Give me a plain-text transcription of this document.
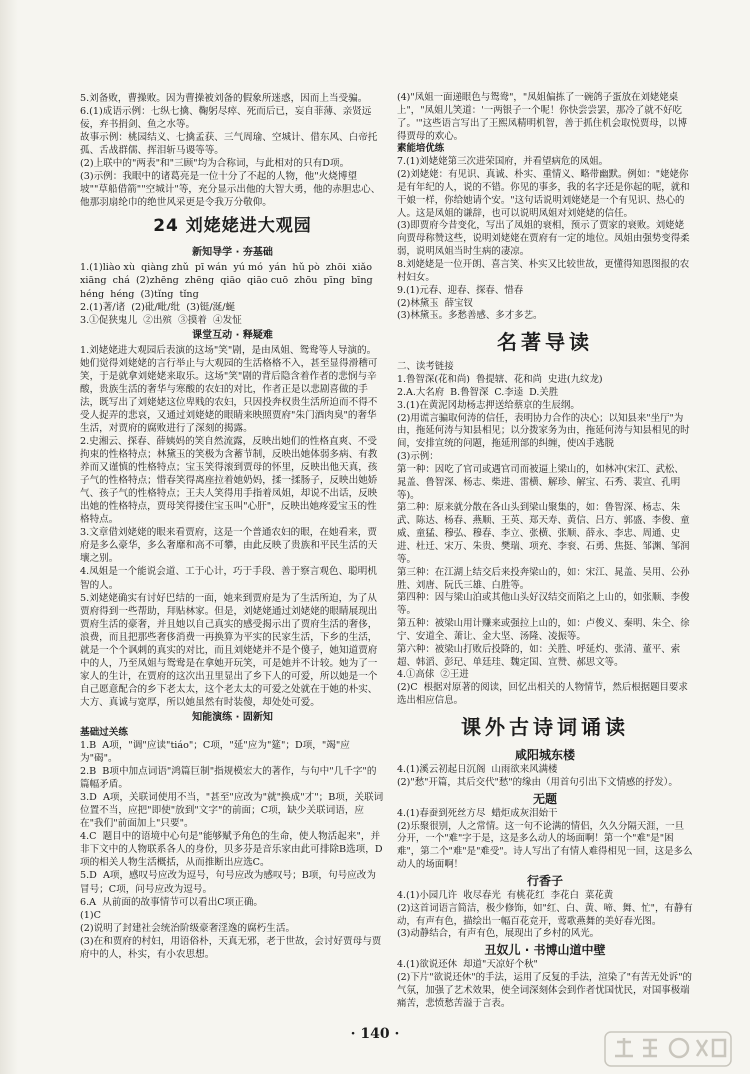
5.刘备败，曹操败。因为曹操被刘备的假象所迷惑，因而上当受骗。
6.(1)成语示例：七纵七擒、鞠躬尽瘁、死而后已，妄自菲薄、亲贤远佞，弃书捐剑、鱼之水等。
故事示例：桃园结义、七擒孟获、三气周瑜、空城计、借东风、白帝托孤、舌战群儒、挥泪斩马谡等等。
(2)上联中的"两表"和"三顾"均为合称词，与此相对的只有D项。
(3)示例：我眼中的诸葛亮是一位十分了不起的人物，他"火烧博望坡""草船借箭""空城计"等，充分显示出他的大智大勇，他的赤胆忠心、他那羽扇纶巾的绝世风采更是令我万分敬仰。
24 刘姥姥进大观园
新知导学 · 夯基础
1.(1)liào xù  qiàng zhǔ  pī wán  yú mó  yán  hǔ pò  zhōi  xiǎo xiāng  chá  (2)zhēng  zhēng  qiāo  qiāo cuō  zhōu  pīng  bīng  héng  héng  (3)tǐng  tǐng
2.(1)著/诸  (2)砒/毗/纰  (3)铤/涎/蜒
3.①促狭鬼儿  ②出殡  ③摸着  ④发怔
课堂互动 · 释疑难
1.刘姥姥进大观园后表演的这场"笑"剧，是由凤姐、鸳鸯等人导演的。她们觉得刘姥姥的言行举止与大观园的生活格格不入，甚至显得滑稽可笑，于是就拿刘姥姥来取乐。这场"笑"剧的背后隐含着作者的悲悯与辛酸，贵族生活的奢华与寒酸的农妇的对比，作者正是以悲剧喜做的手法，既写出了刘姥姥这位卑贱的农妇，只因投奔权贵生活所迫而不得不受人捉弄的悲哀，又通过刘姥姥的眼睛来映照贾府"朱门酒肉臭"的奢华生活，对贾府的腐败进行了深刻的揭露。
2.史湘云、探春、薛姨妈的笑自然流露，反映出她们的性格直爽、不受拘束的性格特点；林黛玉的笑极为含蓄节制，反映出她体弱多病、有教养而又谨慎的性格特点；宝玉笑得滚到贾母的怀里，反映出他天真，孩子气的性格特点；惜春笑得离座拉着她奶妈，揉一揉肠子，反映出她娇气、孩子气的性格特点；王夫人笑得用手指着凤姐，却说不出话，反映出她的性格特点，贾母笑得搂住宝玉叫"心肝"，反映出她疼爱宝玉的性格特点。
3.文章借刘姥姥的眼来看贾府，这是一个普通农妇的眼，在她看来，贾府是多么豪华，多么奢靡和高不可攀，由此反映了贵族和平民生活的天壤之别。
4.凤姐是一个能说会道、工于心计，巧于手段、善于察言观色、聪明机智的人。
5.刘姥姥确实有讨好巴结的一面，她来到贾府是为了生活所迫，为了从贾府得到一些帮助，拜贴林家。但是，刘姥姥通过刘姥姥的眼睛展现出贾府生活的豪奢，并且她以自己真实的感受揭示出了贾府生活的奢侈，浪费，而且把那些奢侈消费一再换算为平实的民家生活，下乡的生活，就是一个个讽刺的真实的对比，而且刘姥姥并不是个傻子，她知道贾府中的人，乃至凤姐与鸳鸯是在拿她开玩笑，可是她并不计较。她为了一家人的生计，在贾府的这次出丑里显出了乡下人的可爱，所以她是一个自己愿意配合的乡下老太太，这个老太太的可爱之处就在于她的朴实、大方、真诚与宽厚，所以她虽然有时装傻，却处处可爱。
知能演练 · 固新知
基础过关练
1.B  A项，"调"应读"tiáo"；C项，"延"应为"筵"；D项，"竭"应为"碣"。
2.B  B项中加点词语"鸿篇巨制"指规模宏大的著作，与句中"几千字"的篇幅矛盾。
3.D  A项，关联词使用不当，"甚至"应改为"就"换成"才"；B项，关联词位置不当，应把"即使"放到"文字"的前面；C项，缺少关联词语，应在"我们"前面加上"只要"。
4.C  题目中的语境中心句是"能够赋予角色的生命，使人物活起来"，并非下文中的人物联系各人的身份，贝多芬是音乐家由此可排除B选项，D项的相关人物生活概括，从而推断出应选C。
5.D  A项，感叹号应改为逗号，句号应改为感叹号；B项，句号应改为冒号；C项，问号应改为逗号。
6.A  从前面的故事情节可以看出C项正确。
(1)C
(2)说明了封建社会统治阶级豪奢淫逸的腐朽生活。
(3)在和贾府的村妇，用语俗朴，天真无邪，老于世故，会讨好贾母与贾府中的人，朴实，有小农思想。
(4)"凤姐一面递眼色与鸳鸯"，"凤姐偏拣了一碗鸽子蛋放在刘姥姥桌上"，"凤姐儿笑道：'一两银子一个呢！你快尝尝罢，那冷了就不好吃了。'"这些语言写出了王熙凤精明机智，善于抓住机会取悦贾母，以博得贾母的欢心。
素能培优练
7.(1)刘姥姥第三次进荣国府，并看望病危的凤姐。
(2)刘姥姥：有见识、真诚、朴实、重情义、略带幽默。例如："姥姥你是有年纪的人，说的不错。你见的事多，我的名字还是你起的呢，就和干娘一样，你给她请个安。"这句话说明刘姥姥是一个有见识、热心的人。这是凤姐的谦辞，也可以说明凤姐对刘姥姥的信任。
(3)即贾府今昔变化，写出了凤姐的衰相，预示了贾家的衰败。刘姥姥向贾母称赞这些，说明刘姥姥在贾府有一定的地位。凤姐由强势变得柔弱，说明凤姐当时生病的凄凉。
8.刘姥姥是一位开朗、喜言笑、朴实又比较世故，更懂得知恩图报的农村妇女。
9.(1)元春、迎春、探春、惜春
(2)林黛玉  薛宝钗
(3)林黛玉。多愁善感、多才多艺。
名著导读
二、读考链接
1.鲁智深(花和尚)  鲁提辖、花和尚  史进(九纹龙)
2.A.大名府  B.鲁智深  C.李逵  D.关胜
3.(1)在黄泥冈劫杨志押送给蔡京的生辰纲。
(2)用谎言骗取何涛的信任，表明协力合作的决心；以知县来"坐厅"为由，拖延何涛与知县相见；以分拨家务为由，拖延何涛与知县相见的时间，安排宣统的问题，拖延刑部的纠缠，使凶手逃脱
(3)示例：
第一种：因吃了官司或遇官司而被逼上梁山的，如林冲(宋江、武松、晁盖、鲁智深、杨志、柴进、雷横、解珍、解宝、石秀、裴宣、孔明等)。
第二种：原来就分散在各山头到梁山聚集的，如：鲁智深、杨志、朱武、陈达、杨春、燕顺、王英、郑天寿、黄信、吕方、郭盛、李俊、童威、童猛、穆弘、穆春、李立、张横、张顺、薛永、李忠、周通、史进、杜迁、宋万、朱贵、樊瑞、项充、李衮、石勇、焦挺、邹渊、邹润等。
第三种：在江湖上结交后来投奔梁山的，如：宋江、晁盖、吴用、公孙胜、刘唐、阮氏三雄、白胜等。
第四种：因与梁山泊或其他山头好汉结交而陷之上山的，如张顺、李俊等。
第五种：被梁山用计赚来或强拉上山的，如：卢俊义、秦明、朱仝、徐宁、安道全、萧让、金大坚、汤隆、凌振等。
第六种：被梁山打败后投降的，如：关胜、呼延灼、张清、董平、索超、韩滔、彭玘、单廷珪、魏定国、宣赞、郝思文等。
4.①高俅  ②王进
(2)C  根据对原著的阅读，回忆出相关的人物情节，然后根据题目要求选出相应信息。
课外古诗词诵读
咸阳城东楼
4.(1)溪云初起日沉阁  山雨欲来风满楼
(2)"愁"开篇，其后交代"愁"的缘由（用首句引出下文情感的抒发）。
无题
4.(1)春蚕到死丝方尽  蜡炬成灰泪始干
(2)乐聚很别，人之常情。这一句不论满的情侣，久久分隔天涯，一旦分开，一个"难"字于是，这是多么动人的场面啊！第一个"难"是"困难"，第二个"难"是"难受"。诗人写出了有情人难得相见一回，这是多么动人的场面啊！
行香子
4.(1)小园几许  收尽春光  有桃花红  李花白  菜花黄
(2)这首词语言简洁，极少修饰，如"红、白、黄、啼、舞、忙"，有静有动，有声有色，描绘出一幅百花竞开，莺歌燕舞的美好春光图。
(3)动静结合，有声有色，展现出了乡村的风光。
丑奴儿 · 书博山道中壁
4.(1)欲说还休  却道"天凉好个秋"
(2)下片"欲说还休"的手法，运用了反复的手法，渲染了"有苦无处诉"的气氛，加强了艺术效果，使全词深刻体会到作者忧国忧民，对国事极端痛苦，悲愤愁苦溢于言表。
· 140 ·
